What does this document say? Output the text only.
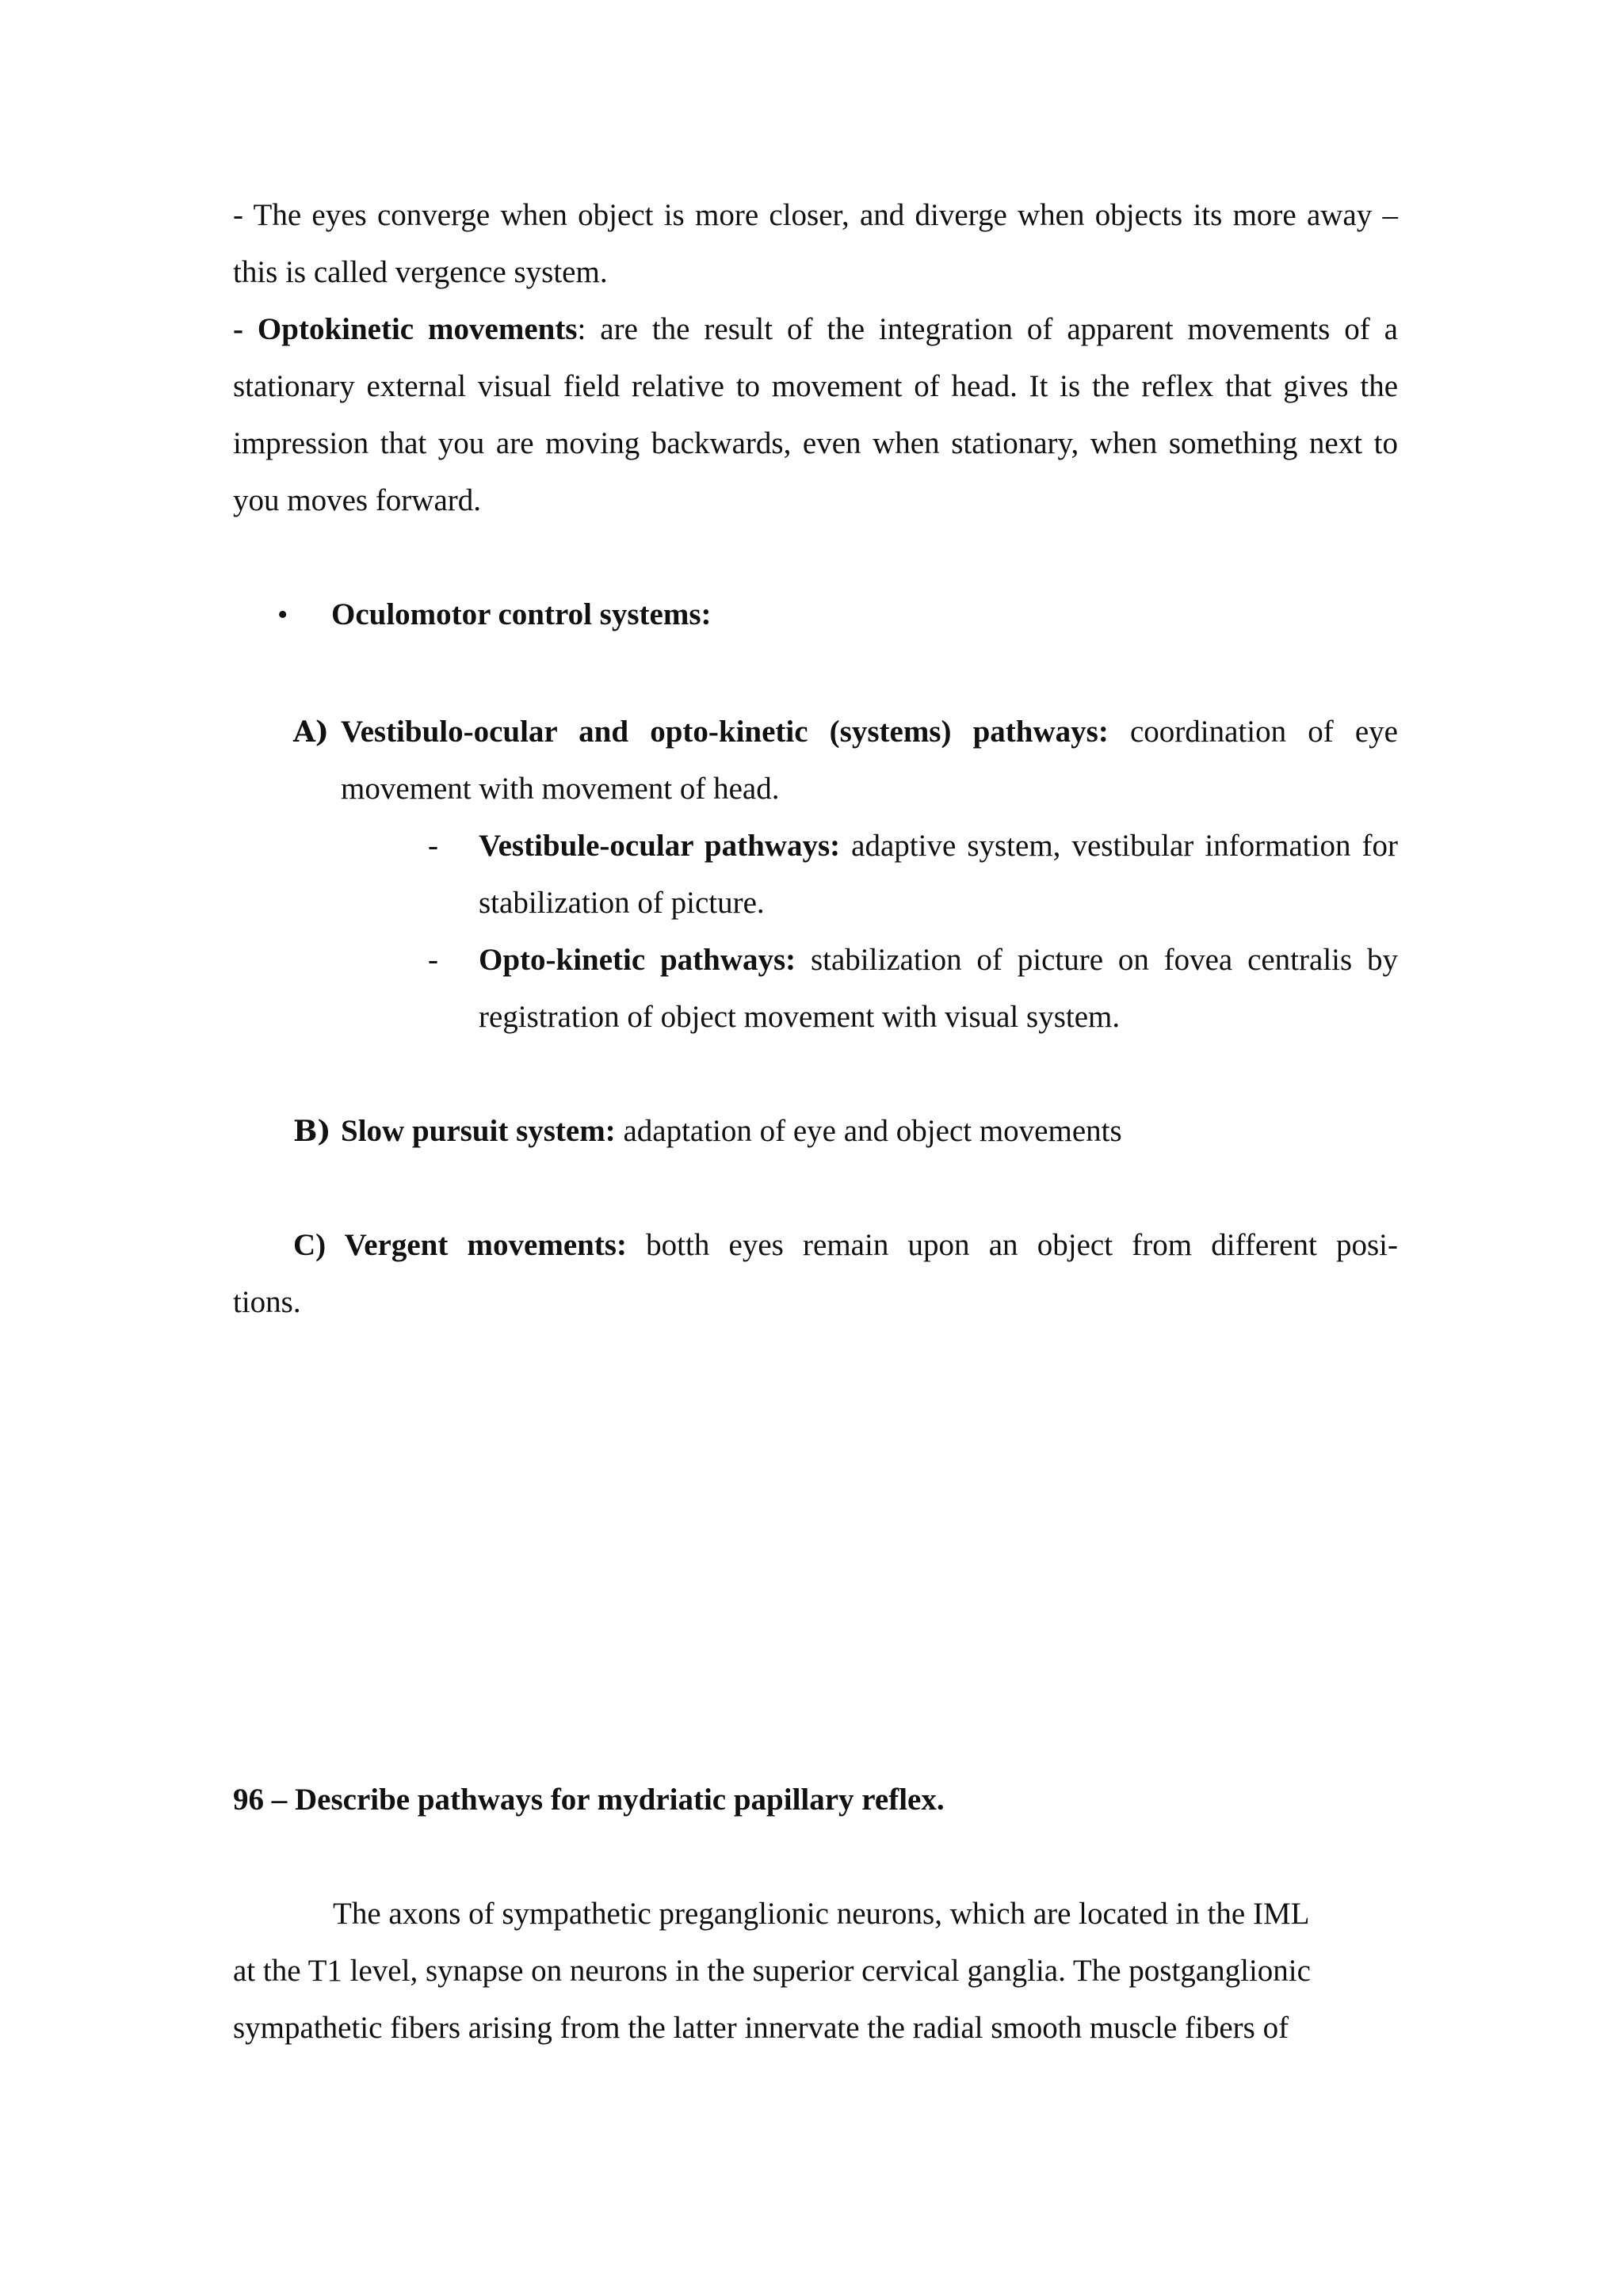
- The eyes converge when object is more closer, and diverge when objects its more away – this is called vergence system.

- Optokinetic movements: are the result of the integration of apparent movements of a stationary external visual field relative to movement of head. It is the reflex that gives the impression that you are moving backwards, even when stationary, when something next to you moves forward.

• Oculomotor control systems:
A) Vestibulo-ocular and opto-kinetic (systems) pathways: coordination of eye movement with movement of head.

- Vestibule-ocular pathways: adaptive system, vestibular information for stabilization of picture.

- Opto-kinetic pathways: stabilization of picture on fovea centralis by registration of object movement with visual system.

B) Slow pursuit system: adaptation of eye and object movements

C) Vergent movements: botth eyes remain upon an object from different posi-
tions.
96 – Describe pathways for mydriatic papillary reflex.
The axons of sympathetic preganglionic neurons, which are located in the IML
at the T1 level, synapse on neurons in the superior cervical ganglia. The postganglionic
sympathetic fibers arising from the latter innervate the radial smooth muscle fibers of
